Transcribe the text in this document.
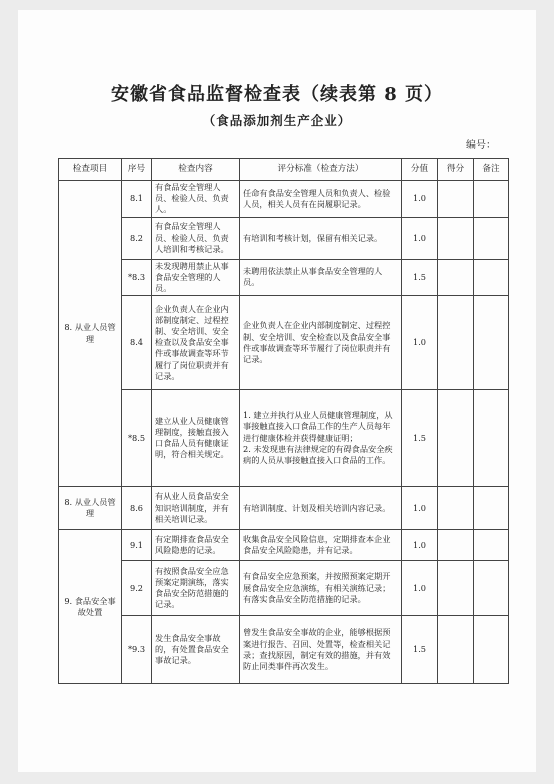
安徽省食品监督检查表（续表第 8 页）
（食品添加剂生产企业）
编号：
检查项目	序号	检查内容	评分标准（检查方法）	分值	得分	备注
8. 从业人员管理	8.1	有食品安全管理人员、检验人员、负责人。	任命有食品安全管理人员和负责人、检验人员，相关人员有在岗履职记录。	1.0		
	8.2	有食品安全管理人员、检验人员、负责人培训和考核记录。	有培训和考核计划，保留有相关记录。	1.0		
	*8.3	未发现聘用禁止从事食品安全管理的人员。	未聘用依法禁止从事食品安全管理的人员。	1.5		
	8.4	企业负责人在企业内部制度制定、过程控制、安全培训、安全检查以及食品安全事件或事故调查等环节履行了岗位职责并有记录。	企业负责人在企业内部制度制定、过程控制、安全培训、安全检查以及食品安全事件或事故调查等环节履行了岗位职责并有记录。	1.0		
	*8.5	建立从业人员健康管理制度，接触直接入口食品人员有健康证明，符合相关规定。	1. 建立并执行从业人员健康管理制度，从事接触直接入口食品工作的生产人员每年进行健康体检并获得健康证明；
2. 未发现患有法律规定的有碍食品安全疾病的人员从事接触直接入口食品的工作。	1.5		
8. 从业人员管理	8.6	有从业人员食品安全知识培训制度，并有相关培训记录。	有培训制度、计划及相关培训内容记录。	1.0		
9. 食品安全事故处置	9.1	有定期排查食品安全风险隐患的记录。	收集食品安全风险信息，定期排查本企业食品安全风险隐患，并有记录。	1.0		
	9.2	有按照食品安全应急预案定期演练，落实食品安全防范措施的记录。	有食品安全应急预案，并按照预案定期开展食品安全应急演练，有相关演练记录；有落实食品安全防范措施的记录。	1.0		
	*9.3	发生食品安全事故的，有处置食品安全事故记录。	曾发生食品安全事故的企业，能够根据预案进行报告、召回、处置等，检查相关记录；查找原因，制定有效的措施，并有效防止同类事件再次发生。	1.5		
